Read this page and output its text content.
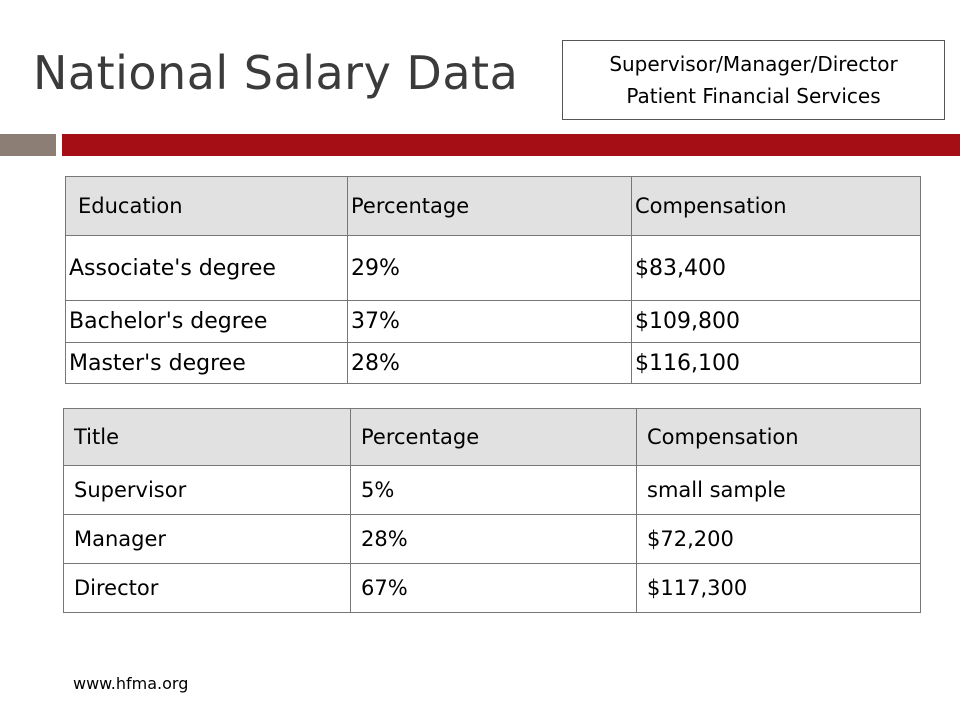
National Salary Data	Supervisor/Manager/Director
Patient Financial Services
Education	Percentage	Compensation
Associate's degree	29%	$83,400
Bachelor's degree	37%	$109,800
Master's degree	28%	$116,100
Title	Percentage	Compensation
Supervisor	5%	small sample
Manager	28%	$72,200
Director	67%	$117,300
www.hfma.org
